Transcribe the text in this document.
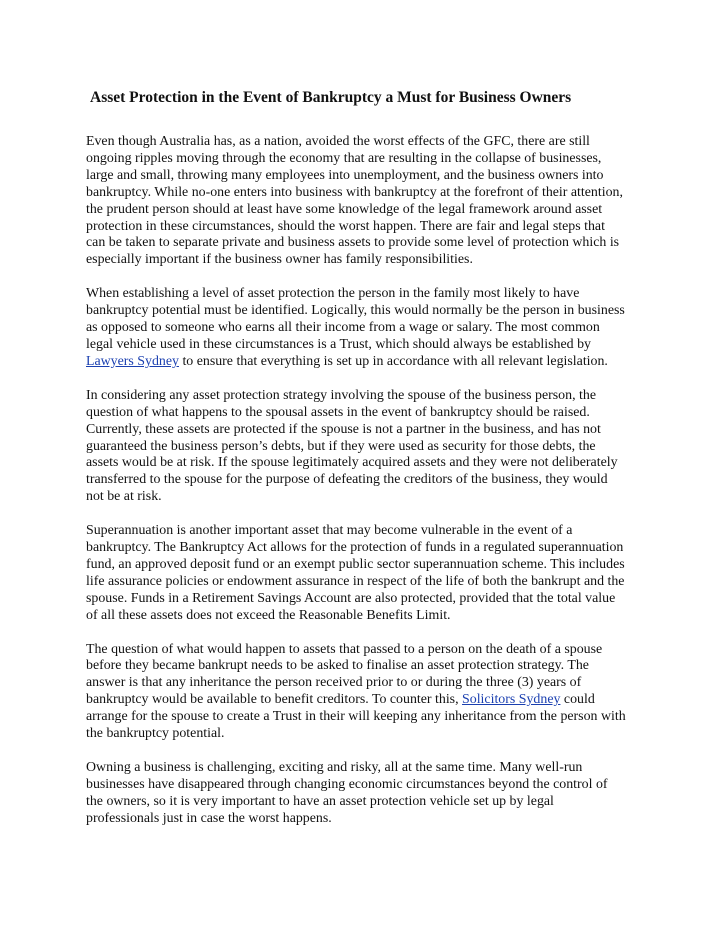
Asset Protection in the Event of Bankruptcy a Must for Business Owners

Even though Australia has, as a nation, avoided the worst effects of the GFC, there are still
ongoing ripples moving through the economy that are resulting in the collapse of businesses,
large and small, throwing many employees into unemployment, and the business owners into
bankruptcy. While no-one enters into business with bankruptcy at the forefront of their attention,
the prudent person should at least have some knowledge of the legal framework around asset
protection in these circumstances, should the worst happen. There are fair and legal steps that
can be taken to separate private and business assets to provide some level of protection which is
especially important if the business owner has family responsibilities.

When establishing a level of asset protection the person in the family most likely to have
bankruptcy potential must be identified. Logically, this would normally be the person in business
as opposed to someone who earns all their income from a wage or salary. The most common
legal vehicle used in these circumstances is a Trust, which should always be established by
Lawyers Sydney to ensure that everything is set up in accordance with all relevant legislation.

In considering any asset protection strategy involving the spouse of the business person, the
question of what happens to the spousal assets in the event of bankruptcy should be raised.
Currently, these assets are protected if the spouse is not a partner in the business, and has not
guaranteed the business person’s debts, but if they were used as security for those debts, the
assets would be at risk. If the spouse legitimately acquired assets and they were not deliberately
transferred to the spouse for the purpose of defeating the creditors of the business, they would
not be at risk.

Superannuation is another important asset that may become vulnerable in the event of a
bankruptcy. The Bankruptcy Act allows for the protection of funds in a regulated superannuation
fund, an approved deposit fund or an exempt public sector superannuation scheme. This includes
life assurance policies or endowment assurance in respect of the life of both the bankrupt and the
spouse. Funds in a Retirement Savings Account are also protected, provided that the total value
of all these assets does not exceed the Reasonable Benefits Limit.

The question of what would happen to assets that passed to a person on the death of a spouse
before they became bankrupt needs to be asked to finalise an asset protection strategy. The
answer is that any inheritance the person received prior to or during the three (3) years of
bankruptcy would be available to benefit creditors. To counter this, Solicitors Sydney could
arrange for the spouse to create a Trust in their will keeping any inheritance from the person with
the bankruptcy potential.

Owning a business is challenging, exciting and risky, all at the same time. Many well-run
businesses have disappeared through changing economic circumstances beyond the control of
the owners, so it is very important to have an asset protection vehicle set up by legal
professionals just in case the worst happens.
